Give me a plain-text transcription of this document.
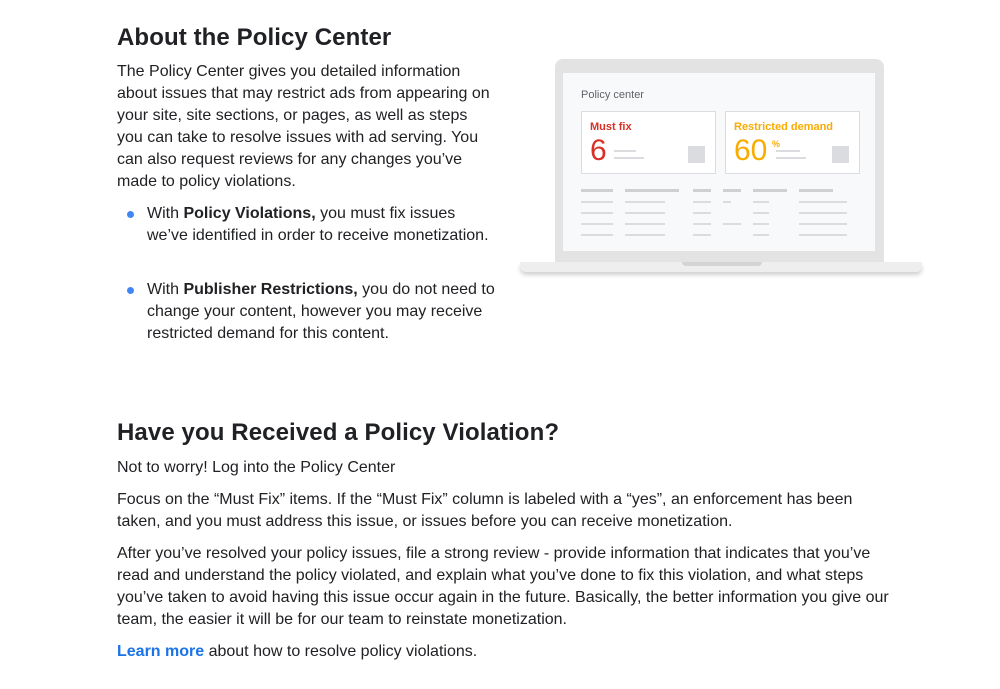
About the Policy Center

The Policy Center gives you detailed information about issues that may restrict ads from appearing on your site, site sections, or pages, as well as steps you can take to resolve issues with ad serving. You can also request reviews for any changes you’ve made to policy violations.

With Policy Violations, you must fix issues we’ve identified in order to receive monetization.
With Publisher Restrictions, you do not need to change your content, however you may receive restricted demand for this content.
Policy center
Must fix
6
Restricted demand
60 %
Have you Received a Policy Violation?

Not to worry! Log into the Policy Center

Focus on the “Must Fix” items. If the “Must Fix” column is labeled with a “yes”, an enforcement has been taken, and you must address this issue, or issues before you can receive monetization.

After you’ve resolved your policy issues, file a strong review - provide information that indicates that you’ve read and understand the policy violated, and explain what you’ve done to fix this violation, and what steps you’ve taken to avoid having this issue occur again in the future. Basically, the better information you give our team, the easier it will be for our team to reinstate monetization.

Learn more about how to resolve policy violations.
